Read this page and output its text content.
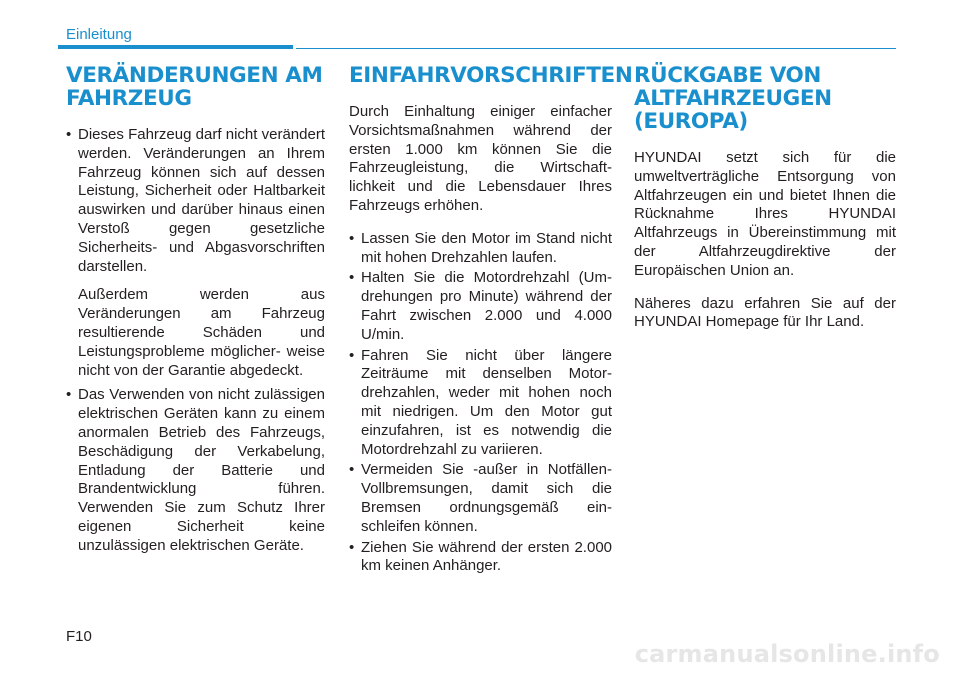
Einleitung
VERÄNDERUNGEN AM FAHRZEUG
• Dieses Fahrzeug darf nicht verändert werden. Veränderungen an Ihrem Fahrzeug können sich auf dessen Leistung, Sicherheit oder Haltbarkeit auswirken und darüber hinaus einen Verstoß gegen gesetzliche Sicherheits- und Abgasvorschriften darstellen.
Außerdem werden aus Veränderungen am Fahrzeug resultierende Schäden und Leistungsprobleme möglicher- weise nicht von der Garantie abgedeckt.
• Das Verwenden von nicht zulässigen elektrischen Geräten kann zu einem anormalen Betrieb des Fahrzeugs, Beschädigung der Verkabelung, Entladung der Batterie und Brandentwicklung führen. Verwenden Sie zum Schutz Ihrer eigenen Sicherheit keine unzulässigen elektrischen Geräte.
EINFAHRVORSCHRIFTEN

Durch Einhaltung einiger einfacher Vorsichtsmaßnahmen während der ersten 1.000 km können Sie die Fahrzeugleistung, die Wirtschaft- lichkeit und die Lebensdauer Ihres Fahrzeugs erhöhen.

• Lassen Sie den Motor im Stand nicht mit hohen Drehzahlen laufen.
• Halten Sie die Motordrehzahl (Um- drehungen pro Minute) während der Fahrt zwischen 2.000 und 4.000 U/min.
• Fahren Sie nicht über längere Zeiträume mit denselben Motor- drehzahlen, weder mit hohen noch mit niedrigen. Um den Motor gut einzufahren, ist es notwendig die Motordrehzahl zu variieren.
• Vermeiden Sie -außer in Notfällen- Vollbremsungen, damit sich die Bremsen ordnungsgemäß ein- schleifen können.
• Ziehen Sie während der ersten 2.000 km keinen Anhänger.
RÜCKGABE VON ALTFAHRZEUGEN (EUROPA)

HYUNDAI setzt sich für die umweltverträgliche Entsorgung von Altfahrzeugen ein und bietet Ihnen die Rücknahme Ihres HYUNDAI Altfahrzeugs in Übereinstimmung mit der Altfahrzeugdirektive der Europäischen Union an.

Näheres dazu erfahren Sie auf der HYUNDAI Homepage für Ihr Land.

F10
carmanualsonline.info
